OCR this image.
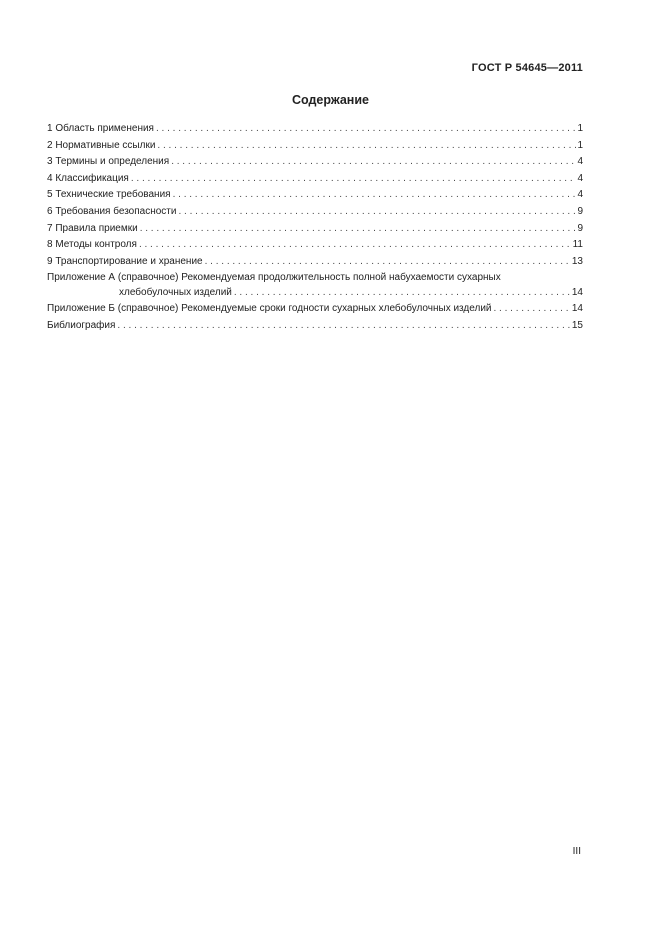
ГОСТ Р 54645—2011
Содержание
1 Область применения . . .	1
2 Нормативные ссылки . . .	1
3 Термины и определения . . .	4
4 Классификация . . .	4
5 Технические требования . . .	4
6 Требования безопасности . . .	9
7 Правила приемки . . .	9
8 Методы контроля . . .	11
9 Транспортирование и хранение . . .	13
Приложение А (справочное) Рекомендуемая продолжительность полной набухаемости сухарных
хлебобулочных изделий . . .	14
Приложение Б (справочное) Рекомендуемые сроки годности сухарных хлебобулочных изделий . . .	14
Библиография . . .	15
III
